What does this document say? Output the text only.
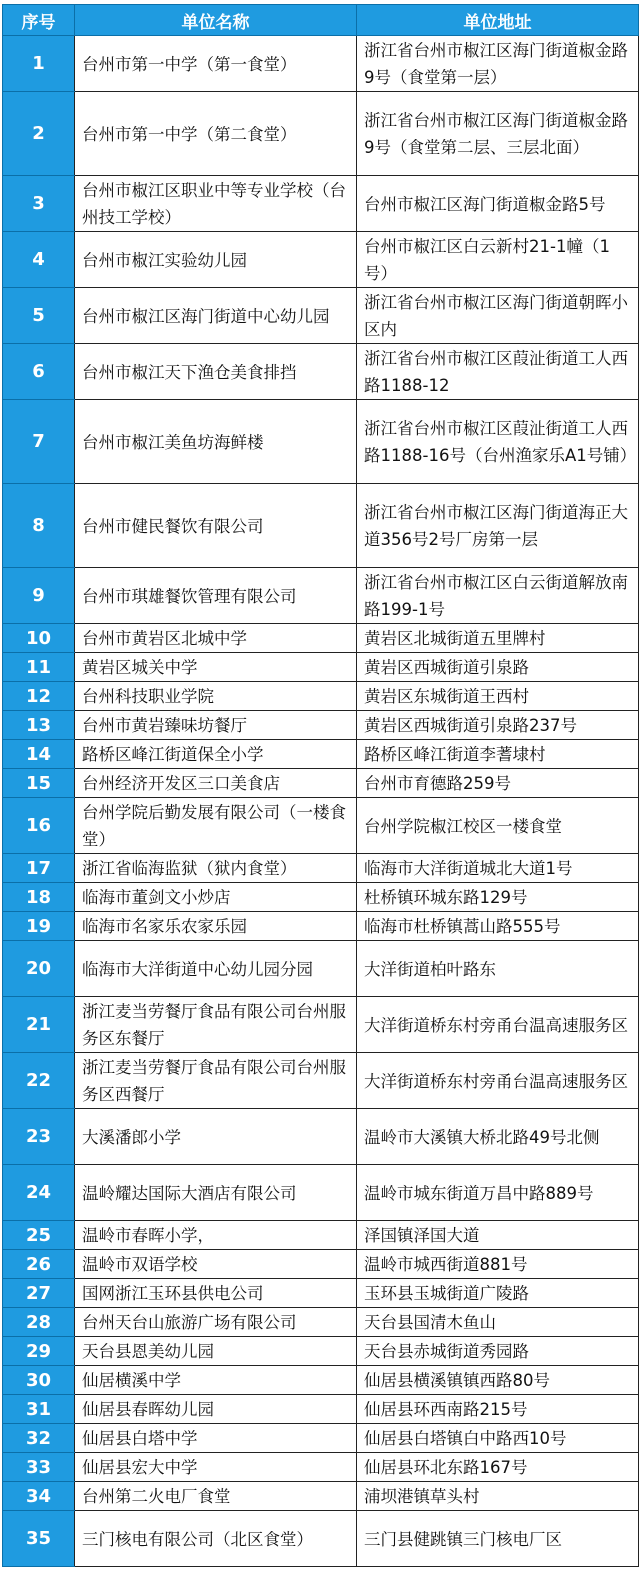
序号	单位名称	单位地址
1	台州市第一中学（第一食堂）	浙江省台州市椒江区海门街道椒金路9号（食堂第一层）
2	台州市第一中学（第二食堂）	浙江省台州市椒江区海门街道椒金路9号（食堂第二层、三层北面）
3	台州市椒江区职业中等专业学校（台州技工学校）	台州市椒江区海门街道椒金路5号
4	台州市椒江实验幼儿园	台州市椒江区白云新村21-1幢（1号）
5	台州市椒江区海门街道中心幼儿园	浙江省台州市椒江区海门街道朝晖小区内
6	台州市椒江天下渔仓美食排挡	浙江省台州市椒江区葭沚街道工人西路1188-12
7	台州市椒江美鱼坊海鲜楼	浙江省台州市椒江区葭沚街道工人西路1188-16号（台州渔家乐A1号铺）
8	台州市健民餐饮有限公司	浙江省台州市椒江区海门街道海正大道356号2号厂房第一层
9	台州市琪雄餐饮管理有限公司	浙江省台州市椒江区白云街道解放南路199-1号
10	台州市黄岩区北城中学	黄岩区北城街道五里牌村
11	黄岩区城关中学	黄岩区西城街道引泉路
12	台州科技职业学院	黄岩区东城街道王西村
13	台州市黄岩臻味坊餐厅	黄岩区西城街道引泉路237号
14	路桥区峰江街道保全小学	路桥区峰江街道李蓍埭村
15	台州经济开发区三口美食店	台州市育德路259号
16	台州学院后勤发展有限公司（一楼食堂）	台州学院椒江校区一楼食堂
17	浙江省临海监狱（狱内食堂）	临海市大洋街道城北大道1号
18	临海市董剑文小炒店	杜桥镇环城东路129号
19	临海市名家乐农家乐园	临海市杜桥镇蒿山路555号
20	临海市大洋街道中心幼儿园分园	大洋街道柏叶路东
21	浙江麦当劳餐厅食品有限公司台州服务区东餐厅	大洋街道桥东村旁甬台温高速服务区
22	浙江麦当劳餐厅食品有限公司台州服务区西餐厅	大洋街道桥东村旁甬台温高速服务区
23	大溪潘郎小学	温岭市大溪镇大桥北路49号北侧
24	温岭耀达国际大酒店有限公司	温岭市城东街道万昌中路889号
25	温岭市春晖小学，	泽国镇泽国大道
26	温岭市双语学校	温岭市城西街道881号
27	国网浙江玉环县供电公司	玉环县玉城街道广陵路
28	台州天台山旅游广场有限公司	天台县国清木鱼山
29	天台县恩美幼儿园	天台县赤城街道秀园路
30	仙居横溪中学	仙居县横溪镇镇西路80号
31	仙居县春晖幼儿园	仙居县环西南路215号
32	仙居县白塔中学	仙居县白塔镇白中路西10号
33	仙居县宏大中学	仙居县环北东路167号
34	台州第二火电厂食堂	浦坝港镇草头村
35	三门核电有限公司（北区食堂）	三门县健跳镇三门核电厂区
